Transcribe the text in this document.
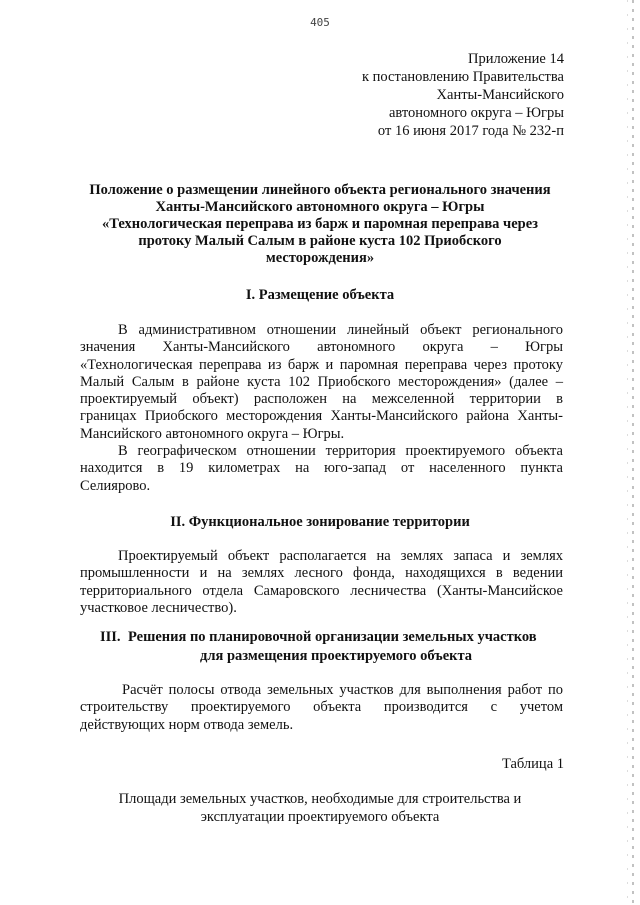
405
Приложение 14
к постановлению Правительства
Ханты-Мансийского
автономного округа – Югры
от 16 июня 2017 года № 232-п
Положение о размещении линейного объекта регионального значения
Ханты-Мансийского автономного округа – Югры
«Технологическая переправа из барж и паромная переправа через
протоку Малый Салым в районе куста 102 Приобского
месторождения»
I. Размещение объекта
В административном отношении линейный объект регионального
значения Ханты-Мансийского автономного округа – Югры
«Технологическая переправа из барж и паромная переправа через протоку
Малый Салым в районе куста 102 Приобского месторождения» (далее –
проектируемый объект) расположен на межселенной территории в
границах Приобского месторождения Ханты-Мансийского района Ханты-
Мансийского автономного округа – Югры.
В географическом отношении территория проектируемого объекта
находится в 19 километрах на юго-запад от населенного пункта
Селиярово.
II. Функциональное зонирование территории
Проектируемый объект располагается на землях запаса и землях
промышленности и на землях лесного фонда, находящихся в ведении
территориального отдела Самаровского лесничества (Ханты-Мансийское
участковое лесничество).
III. Решения по планировочной организации земельных участков
для размещения проектируемого объекта
Расчёт полосы отвода земельных участков для выполнения работ по
строительству проектируемого объекта производится с учетом
действующих норм отвода земель.
Таблица 1
Площади земельных участков, необходимые для строительства и
эксплуатации проектируемого объекта
